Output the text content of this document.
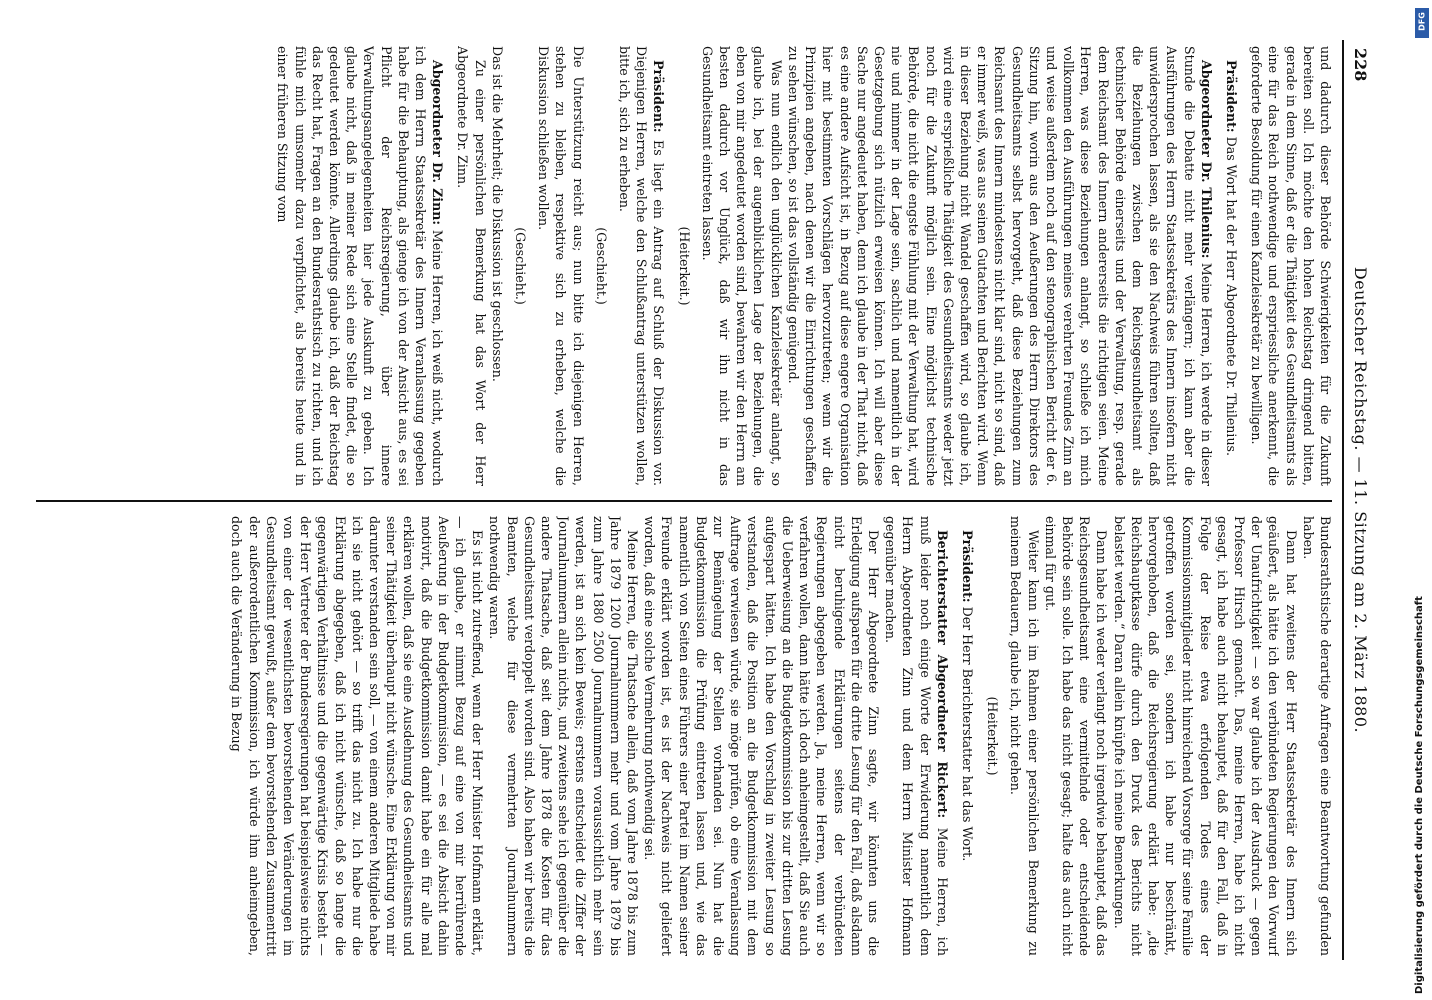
228
Deutscher Reichstag. — 11. Sitzung am 2. März 1880.

und dadurch dieser Behörde Schwierigkeiten für die Zukunft bereiten soll. Ich möchte den hohen Reichstag dringend bitten, gerade in dem Sinne, daß er die Thätigkeit des Gesundheitsamts als eine für das Reich nothwendige und erspriessliche anerkennt, die geforderte Besoldung für einen Kanzleisekretär zu bewilligen.

Präsident: Das Wort hat der Herr Abgeordnete Dr. Thilenius.

Abgeordneter Dr. Thilenius: Meine Herren, ich werde in dieser Stunde die Debatte nicht mehr verlängern; ich kann aber die Ausführungen des Herrn Staatssekretärs des Innern insofern nicht unwidersprochen lassen, als sie den Nachweis führen sollten, daß die Beziehungen zwischen dem Reichsgesundheitsamt als technischer Behörde einerseits und der Verwaltung, resp. gerade dem Reichsamt des Innern andererseits die richtigen seien. Meine Herren, was diese Beziehungen anlangt, so schließe ich mich vollkommen den Ausführungen meines verehrten Freundes Zinn an und weise außerdem noch auf den stenographischen Bericht der 6. Sitzung hin, worin aus den Aeußerungen des Herrn Direktors des Gesundheitsamts selbst hervorgeht, daß diese Beziehungen zum Reichsamt des Innern mindestens nicht klar sind, nicht so sind, daß er immer weiß, was aus seinen Gutachten und Berichten wird. Wenn in dieser Beziehung nicht Wandel geschaffen wird, so glaube ich, wird eine ersprießliche Thätigkeit des Gesundheitsamts weder jetzt noch für die Zukunft möglich sein. Eine möglichst technische Behörde, die nicht die engste Fühlung mit der Verwaltung hat, wird nie und nimmer in der Lage sein, sachlich und namentlich in der Gesetzgebung sich nützlich erweisen können. Ich will aber diese Sache nur angedeutet haben, denn ich glaube in der That nicht, daß es eine andere Aufsicht ist, in Bezug auf diese engere Organisation hier mit bestimmten Vorschlägen hervorzutreten; wenn wir die Prinzipien angeben, nach denen wir die Einrichtungen geschaffen zu sehen wünschen, so ist das vollständig genügend.

Was nun endlich den unglücklichen Kanzleisekretär anlangt, so glaube ich, bei der augenblicklichen Lage der Beziehungen, die eben von mir angedeutet worden sind, bewahren wir den Herrn am besten dadurch vor Unglück, daß wir ihn nicht in das Gesundheitsamt eintreten lassen.

(Heiterkeit.)

Präsident: Es liegt ein Antrag auf Schluß der Diskussion vor. Diejenigen Herren, welche den Schlußantrag unterstützen wollen, bitte ich, sich zu erheben.

(Geschieht.)

Die Unterstützung reicht aus; nun bitte ich diejenigen Herren, stehen zu bleiben, respektive sich zu erheben, welche die Diskussion schließen wollen.

(Geschieht.)

Das ist die Mehrheit; die Diskussion ist geschlossen.

Zu einer persönlichen Bemerkung hat das Wort der Herr Abgeordnete Dr. Zinn.

Abgeordneter Dr. Zinn: Meine Herren, ich weiß nicht, wodurch ich dem Herrn Staatssekretär des Innern Veranlassung gegeben habe für die Behauptung, als gienge ich von der Ansicht aus, es sei Pflicht der Reichsregierung, über innere Verwaltungsangelegenheiten hier jede Auskunft zu geben. Ich glaube nicht, daß in meiner Rede sich eine Stelle findet, die so gedeutet werden könnte. Allerdings glaube ich, daß der Reichstag das Recht hat, Fragen an den Bundesrathstisch zu richten, und ich fühle mich umsomehr dazu verpflichtet, als bereits heute und in einer früheren Sitzung vom

Bundesrathstische derartige Anfragen eine Beantwortung gefunden haben.

Dann hat zweitens der Herr Staatssekretär des Innern sich geäußert, als hätte ich den verbündeten Regierungen den Vorwurf der Unaufrichtigkeit — so war glaube ich der Ausdruck — gegen Professor Hirsch gemacht. Das, meine Herren, habe ich nicht gesagt, ich habe auch nicht behauptet, daß für den Fall, daß in Folge der Reise etwa erfolgenden Todes eines der Kommissionsmitglieder nicht hinreichend Vorsorge für seine Familie getroffen worden sei, sondern ich habe nur beschränkt, hervorgehoben, daß die Reichsregierung erklärt habe: „die Reichshauptkasse dürfe durch den Druck des Berichts nicht belastet werden.“ Daran allein knüpfte ich meine Bemerkungen.

Dann habe ich weder verlangt noch irgendwie behauptet, daß das Reichsgesundheitsamt eine vermittelnde oder entscheidende Behörde sein solle. Ich habe das nicht gesagt; halte das auch nicht einmal für gut.

Weiter kann ich im Rahmen einer persönlichen Bemerkung zu meinem Bedauern, glaube ich, nicht gehen.

(Heiterkeit.)

Präsident: Der Herr Berichterstatter hat das Wort.

Berichterstatter Abgeordneter Rickert: Meine Herren, ich muß leider noch einige Worte der Erwiderung namentlich dem Herrn Abgeordneten Zinn und dem Herrn Minister Hofmann gegenüber machen.

Der Herr Abgeordnete Zinn sagte, wir könnten uns die Erledigung aufsparen für die dritte Lesung für den Fall, daß alsdann nicht beruhigende Erklärungen seitens der verbündeten Regierungen abgegeben werden. Ja, meine Herren, wenn wir so verfahren wollen, dann hätte ich doch anheimgestellt, daß Sie auch die Ueberweisung an die Budgetkommission bis zur dritten Lesung aufgespart hätten. Ich habe den Vorschlag in zweiter Lesung so verstanden, daß die Position an die Budgetkommission mit dem Auftrage verwiesen würde, sie möge prüfen, ob eine Veranlassung zur Bemängelung der Stellen vorhanden sei. Nun hat die Budgetkommission die Prüfung eintreten lassen und, wie das namentlich von Seiten eines Führers einer Partei im Namen seiner Freunde erklärt worden ist, es ist der Nachweis nicht geliefert worden, daß eine solche Vermehrung nothwendig sei.

Meine Herren, die Thatsache allein, daß vom Jahre 1878 bis zum Jahre 1879 1200 Journalnummern mehr und vom Jahre 1879 bis zum Jahre 1880 2500 Journalnummern voraussichtlich mehr sein werden, ist an sich kein Beweis; erstens entscheidet die Ziffer der Journalnummern allein nichts, und zweitens sehe ich gegenüber die andere Thatsache, daß seit dem Jahre 1878 die Kosten für das Gesundheitsamt verdoppelt worden sind. Also haben wir bereits die Beamten, welche für diese vermehrten Journalnummern nothwendig waren.

Es ist nicht zutreffend, wenn der Herr Minister Hofmann erklärt, — ich glaube, er nimmt Bezug auf eine von mir herrührende Aeußerung in der Budgetkommission, — es sei die Absicht dahin motivirt, daß die Budgetkommission damit habe ein für alle mal erklären wollen, daß sie eine Ausdehnung des Gesundheitsamts und seiner Thätigkeit überhaupt nicht wünsche. Eine Erklärung von mir darunter verstanden sein soll, — von einem anderen Mitgliede habe ich sie nicht gehört — so trifft das nicht zu. Ich habe nur die Erklärung abgegeben, daß ich nicht wünsche, daß so lange die gegenwärtigen Verhältnisse und die gegenwärtige Krisis besteht — der Herr Vertreter der Bundesregierungen hat beispielsweise nichts von einer der wesentlichsten bevorstehenden Veränderungen im Gesundheitsamt gewußt, außer dem bevorstehenden Zusammentritt der außerordentlichen Kommission, ich würde ihm anheimgeben, doch auch die Veränderung in Bezug	Digitalisierung gefördert durch die Deutsche Forschungsgemeinschaft
DFG
